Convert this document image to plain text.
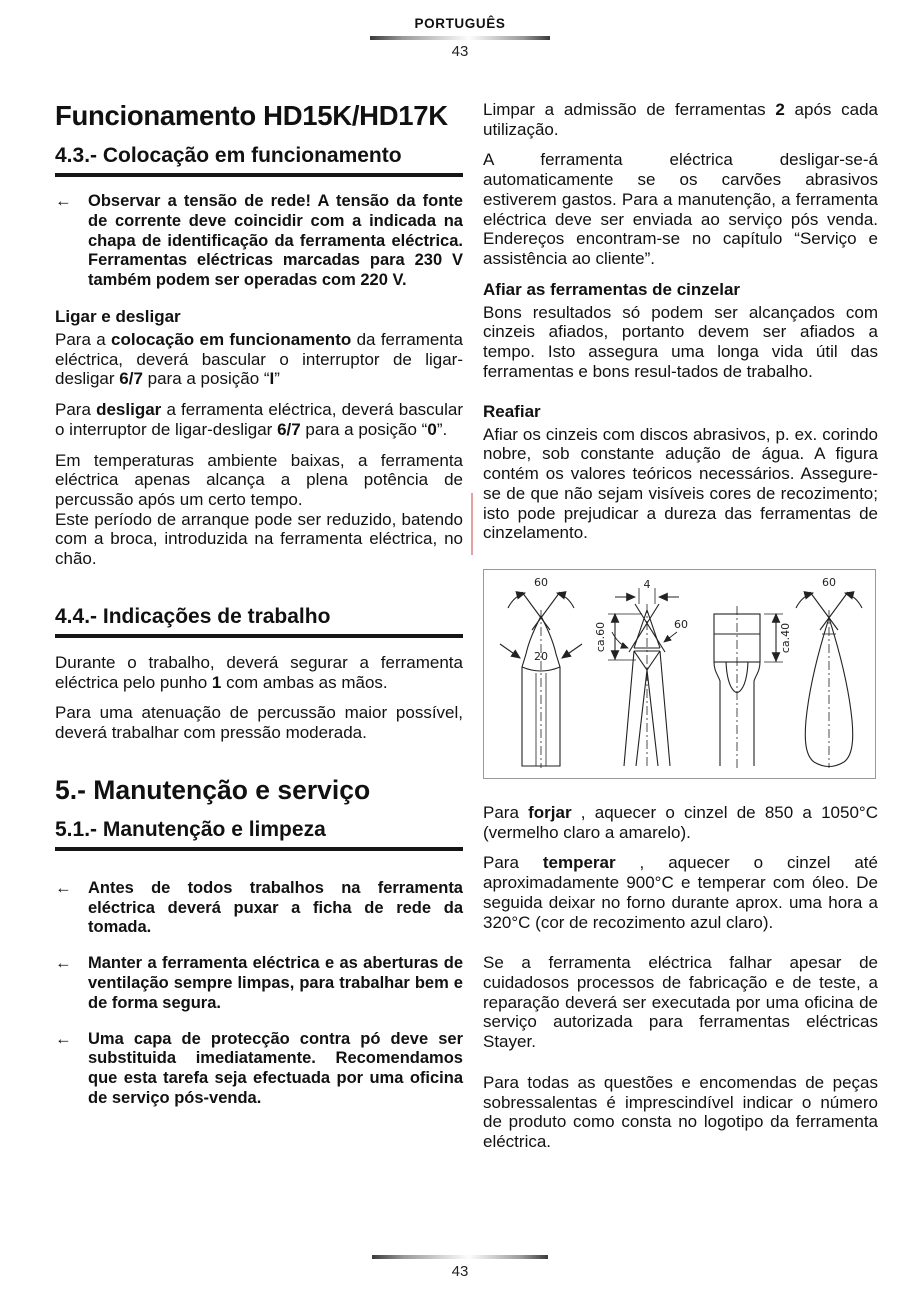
PORTUGUÊS
43
Funcionamento HD15K/HD17K
4.3.- Colocação em funcionamento
←	Observar a tensão de rede! A tensão da fonte de corrente deve coincidir com a indicada na chapa de identificação da ferramenta eléctrica. Ferramentas eléctricas marcadas para 230 V também podem ser operadas com 220 V.
Ligar e desligar

Para a colocação em funcionamento da ferramenta eléctrica, deverá bascular o interruptor de ligar-desligar 6/7 para a posição “I”

Para desligar a ferramenta eléctrica, deverá bascular o interruptor de ligar-desligar 6/7 para a posição “0”.

Em temperaturas ambiente baixas, a ferramenta eléctrica apenas alcança a plena potência de percussão após um certo tempo.
Este período de arranque pode ser reduzido, batendo com a broca, introduzida na ferramenta eléctrica, no chão.

4.4.- Indicações de trabalho

Durante o trabalho, deverá segurar a ferramenta eléctrica pelo punho 1 com ambas as mãos.

Para uma atenuação de percussão maior possível, deverá trabalhar com pressão moderada.

5.- Manutenção e serviço
5.1.- Manutenção e limpeza
←	Antes de todos trabalhos na ferramenta eléctrica deverá puxar a ficha de rede da tomada.
←	Manter a ferramenta eléctrica e as aberturas de ventilação sempre limpas, para trabalhar bem e de forma segura.
←	Uma capa de protecção contra pó deve ser substituida imediatamente. Recomendamos que esta tarefa seja efectuada por uma oficina de serviço pós-venda.

Limpar a admissão de ferramentas 2 após cada utilização.

A ferramenta eléctrica desligar-se-á automaticamente se os carvões abrasivos estiverem gastos. Para a manutenção, a ferramenta eléctrica deve ser enviada ao serviço pós venda. Endereços encontram-se no capítulo “Serviço e assistência ao cliente”.

Afiar as ferramentas de cinzelar

Bons resultados só podem ser alcançados com cinzeis afiados, portanto devem ser afiados a tempo. Isto assegura uma longa vida útil das ferramentas e bons resul-tados de trabalho.

Reafiar

Afiar os cinzeis com discos abrasivos, p. ex. corindo nobre, sob constante adução de água. A figura contém os valores teóricos necessários. Assegure-se de que não sejam visíveis cores de recozimento; isto pode prejudicar a dureza das ferramentas de cinzelamento.

60
20
4
ca.60	60	ca.40
60

Para forjar , aquecer o cinzel de 850 a 1050°C (vermelho claro a amarelo).

Para temperar , aquecer o cinzel até aproximadamente 900°C e temperar com óleo. De seguida deixar no forno durante aprox. uma hora a 320°C (cor de recozimento azul claro).

Se a ferramenta eléctrica falhar apesar de cuidadosos processos de fabricação e de teste, a reparação deverá ser executada por uma oficina de serviço autorizada para ferramentas eléctricas Stayer.

Para todas as questões e encomendas de peças sobressalentas é imprescindível indicar o número de produto como consta no logotipo da ferramenta eléctrica.

43
